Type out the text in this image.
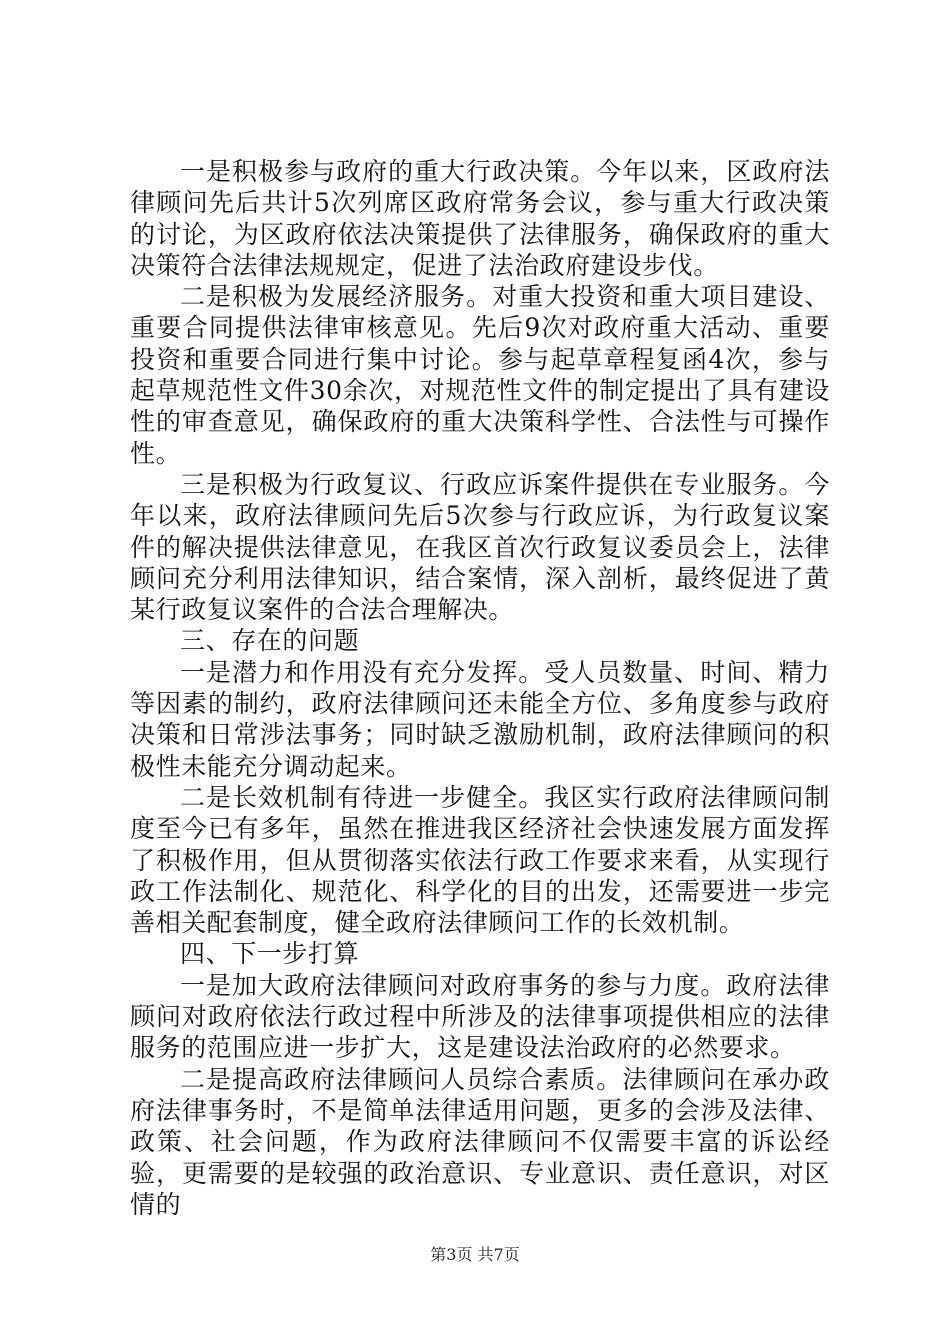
一是积极参与政府的重大行政决策。今年以来，区政府法律顾问先后共计5次列席区政府常务会议，参与重大行政决策的讨论，为区政府依法决策提供了法律服务，确保政府的重大决策符合法律法规规定，促进了法治政府建设步伐。

二是积极为发展经济服务。对重大投资和重大项目建设、重要合同提供法律审核意见。先后9次对政府重大活动、重要投资和重要合同进行集中讨论。参与起草章程复函4次，参与起草规范性文件30余次，对规范性文件的制定提出了具有建设性的审查意见，确保政府的重大决策科学性、合法性与可操作性。

三是积极为行政复议、行政应诉案件提供在专业服务。今年以来，政府法律顾问先后5次参与行政应诉，为行政复议案件的解决提供法律意见，在我区首次行政复议委员会上，法律顾问充分利用法律知识，结合案情，深入剖析，最终促进了黄某行政复议案件的合法合理解决。

三、存在的问题

一是潜力和作用没有充分发挥。受人员数量、时间、精力等因素的制约，政府法律顾问还未能全方位、多角度参与政府决策和日常涉法事务；同时缺乏激励机制，政府法律顾问的积极性未能充分调动起来。

二是长效机制有待进一步健全。我区实行政府法律顾问制度至今已有多年，虽然在推进我区经济社会快速发展方面发挥了积极作用，但从贯彻落实依法行政工作要求来看，从实现行政工作法制化、规范化、科学化的目的出发，还需要进一步完善相关配套制度，健全政府法律顾问工作的长效机制。

四、下一步打算

一是加大政府法律顾问对政府事务的参与力度。政府法律顾问对政府依法行政过程中所涉及的法律事项提供相应的法律服务的范围应进一步扩大，这是建设法治政府的必然要求。

二是提高政府法律顾问人员综合素质。法律顾问在承办政府法律事务时，不是简单法律适用问题，更多的会涉及法律、政策、社会问题，作为政府法律顾问不仅需要丰富的诉讼经验，更需要的是较强的政治意识、专业意识、责任意识，对区情的

第3页 共7页
